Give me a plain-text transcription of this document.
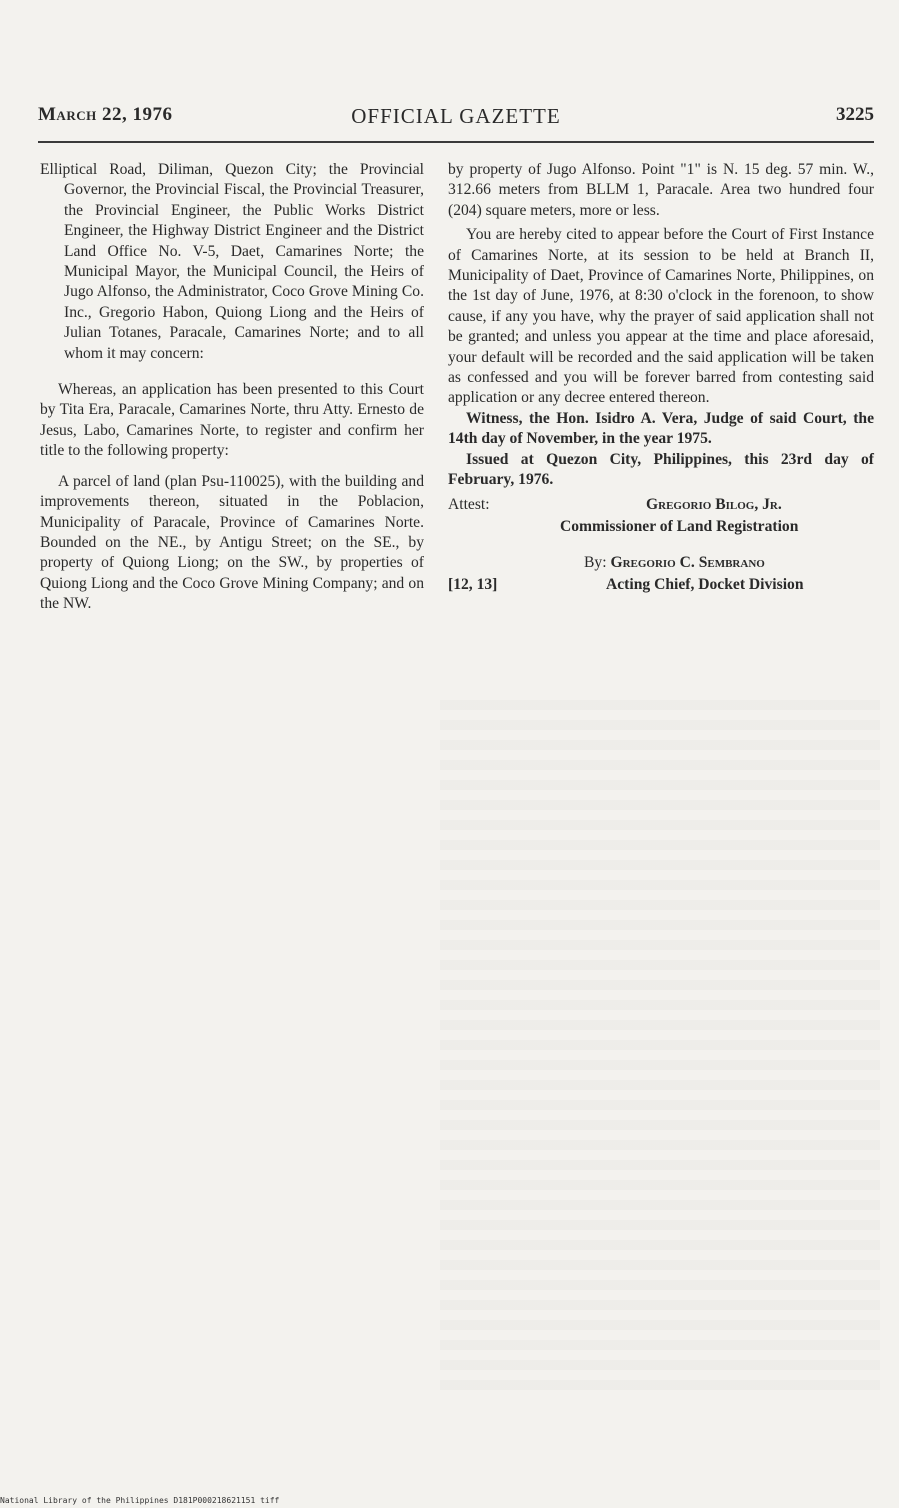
March 22, 1976	OFFICIAL GAZETTE	3225

Elliptical Road, Diliman, Quezon City; the Provincial Governor, the Provincial Fiscal, the Provincial Treasurer, the Provincial Engineer, the Public Works District Engineer, the Highway District Engineer and the District Land Office No. V-5, Daet, Camarines Norte; the Municipal Mayor, the Municipal Council, the Heirs of Jugo Alfonso, the Administrator, Coco Grove Mining Co. Inc., Gregorio Habon, Quiong Liong and the Heirs of Julian Totanes, Paracale, Camarines Norte; and to all whom it may concern:

Whereas, an application has been presented to this Court by Tita Era, Paracale, Camarines Norte, thru Atty. Ernesto de Jesus, Labo, Camarines Norte, to register and confirm her title to the following property:

A parcel of land (plan Psu-110025), with the building and improvements thereon, situated in the Poblacion, Municipality of Paracale, Province of Camarines Norte. Bounded on the NE., by Antigu Street; on the SE., by property of Quiong Liong; on the SW., by properties of Quiong Liong and the Coco Grove Mining Company; and on the NW.

by property of Jugo Alfonso. Point "1" is N. 15 deg. 57 min. W., 312.66 meters from BLLM 1, Paracale. Area two hundred four (204) square meters, more or less.

You are hereby cited to appear before the Court of First Instance of Camarines Norte, at its session to be held at Branch II, Municipality of Daet, Province of Camarines Norte, Philippines, on the 1st day of June, 1976, at 8:30 o'clock in the forenoon, to show cause, if any you have, why the prayer of said application shall not be granted; and unless you appear at the time and place aforesaid, your default will be recorded and the said application will be taken as confessed and you will be forever barred from contesting said application or any decree entered thereon.

Witness, the Hon. Isidro A. Vera, Judge of said Court, the 14th day of November, in the year 1975.

Issued at Quezon City, Philippines, this 23rd day of February, 1976.

Attest:	Gregorio Bilog, Jr.
Commissioner of Land Registration
By: Gregorio C. Sembrano
[12, 13]	Acting Chief, Docket Division
National Library of the Philippines D181P000218621151 tiff
